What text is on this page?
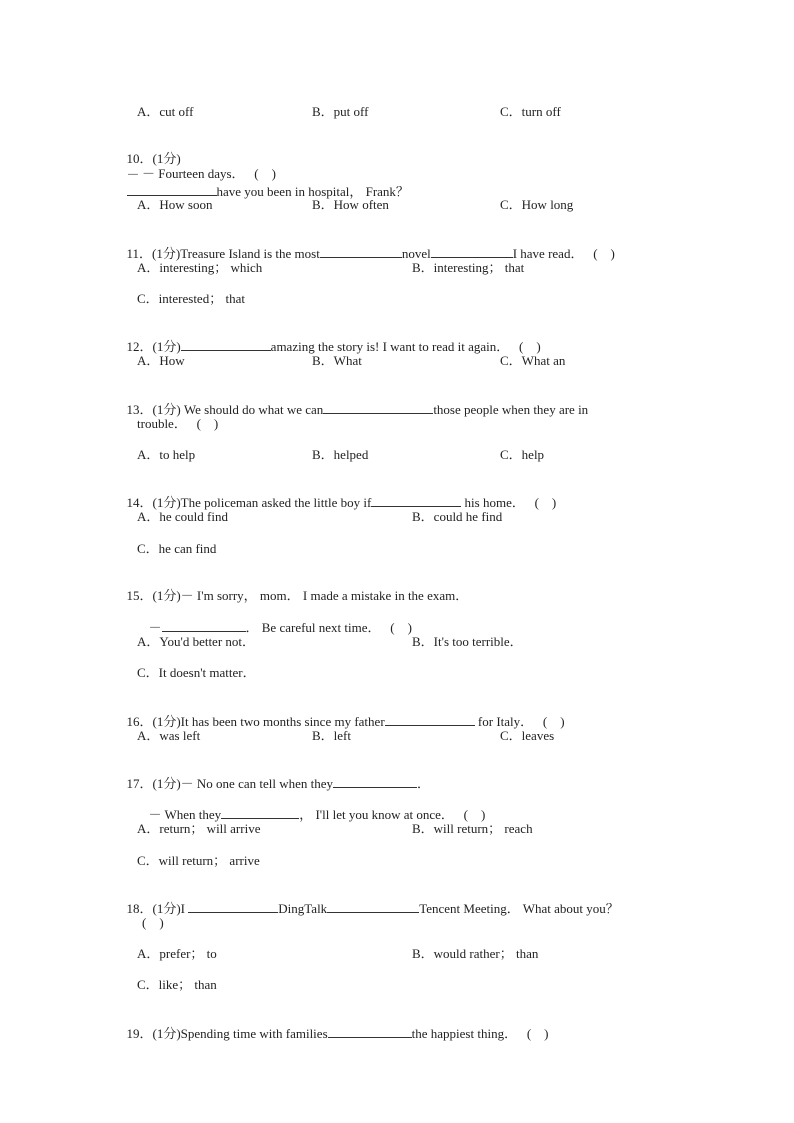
A．cut off	B．put off	C．turn off

10．(1分)
－
have you been in hospital， Frank？

－ Fourteen days．   (    )
A．How soon	B．How often	C．How long

11．(1分)Treasure Island is the most	novel	I have read．   (    )

A．interesting； which	B．interesting； that
C．interested； that

12．(1分)	amazing the story is! I want to read it again．   (    )

A．How	B．What	C．What an

13．(1分) We should do what we can	those people when they are in

trouble．   (    )
A．to help	B．helped	C．help

14．(1分)The policeman asked the little boy if	his home．   (    )

A．he could find	B．could he find
C．he can find

15．(1分)－ I'm sorry， mom． I made a mistake in the exam．

－	． Be careful next time．   (    )

A．You'd better not．	B．It's too terrible．
C．It doesn't matter．

16．(1分)It has been two months since my father	for Italy．   (    )

A．was left	B．left	C．leaves

17．(1分)－ No one can tell when they	．

－ When they	， I'll let you know at once．   (    )

A．return； will arrive	B．will return； reach
C．will return； arrive

18．(1分)I	DingTalk	Tencent Meeting． What about you？

(    )
A．prefer； to	B．would rather； than
C．like； than

19．(1分)Spending time with families	the happiest thing．   (    )
